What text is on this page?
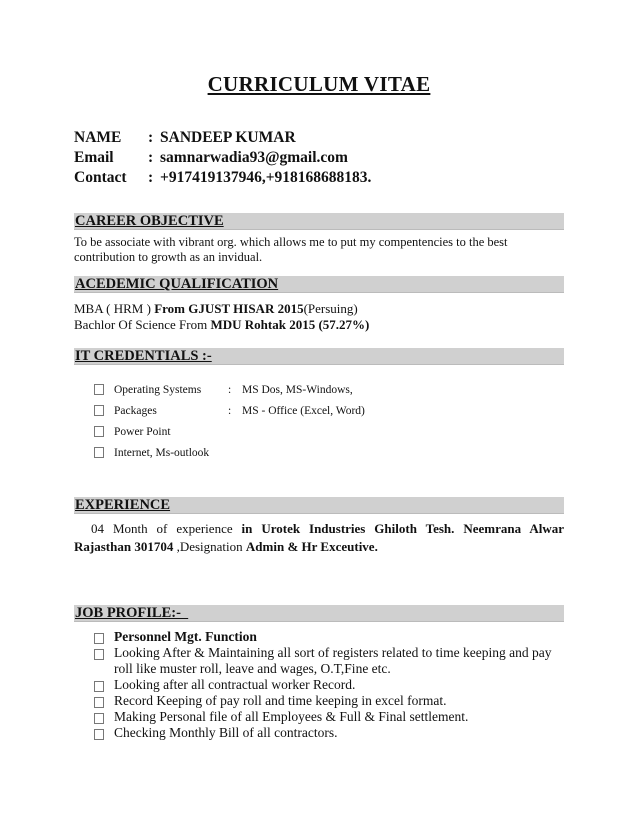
CURRICULUM VITAE
NAME : SANDEEP KUMAR
Email : samnarwadia93@gmail.com
Contact : +917419137946,+918168688183.
CAREER OBJECTIVE
To be associate with vibrant org. which allows me to put my compentencies to the best contribution to growth as an invidual.
ACEDEMIC QUALIFICATION
MBA ( HRM ) From GJUST HISAR 2015(Persuing)
Bachlor Of Science From MDU Rohtak 2015 (57.27%)
IT CREDENTIALS :-
Operating Systems : MS Dos, MS-Windows,
Packages	: MS - Office (Excel, Word)
Power Point
Internet, Ms-outlook
EXPERIENCE
04 Month of experience in Urotek Industries Ghiloth Tesh. Neemrana Alwar Rajasthan 301704 ,Designation Admin & Hr Exceutive.
JOB PROFILE:-
Personnel Mgt. Function
Looking After & Maintaining all sort of registers related to time keeping and pay roll like muster roll, leave and wages, O.T,Fine etc.
Looking after all contractual worker Record.
Record Keeping of pay roll and time keeping in excel format.
Making Personal file of all Employees & Full & Final settlement.
Checking Monthly Bill of all contractors.
